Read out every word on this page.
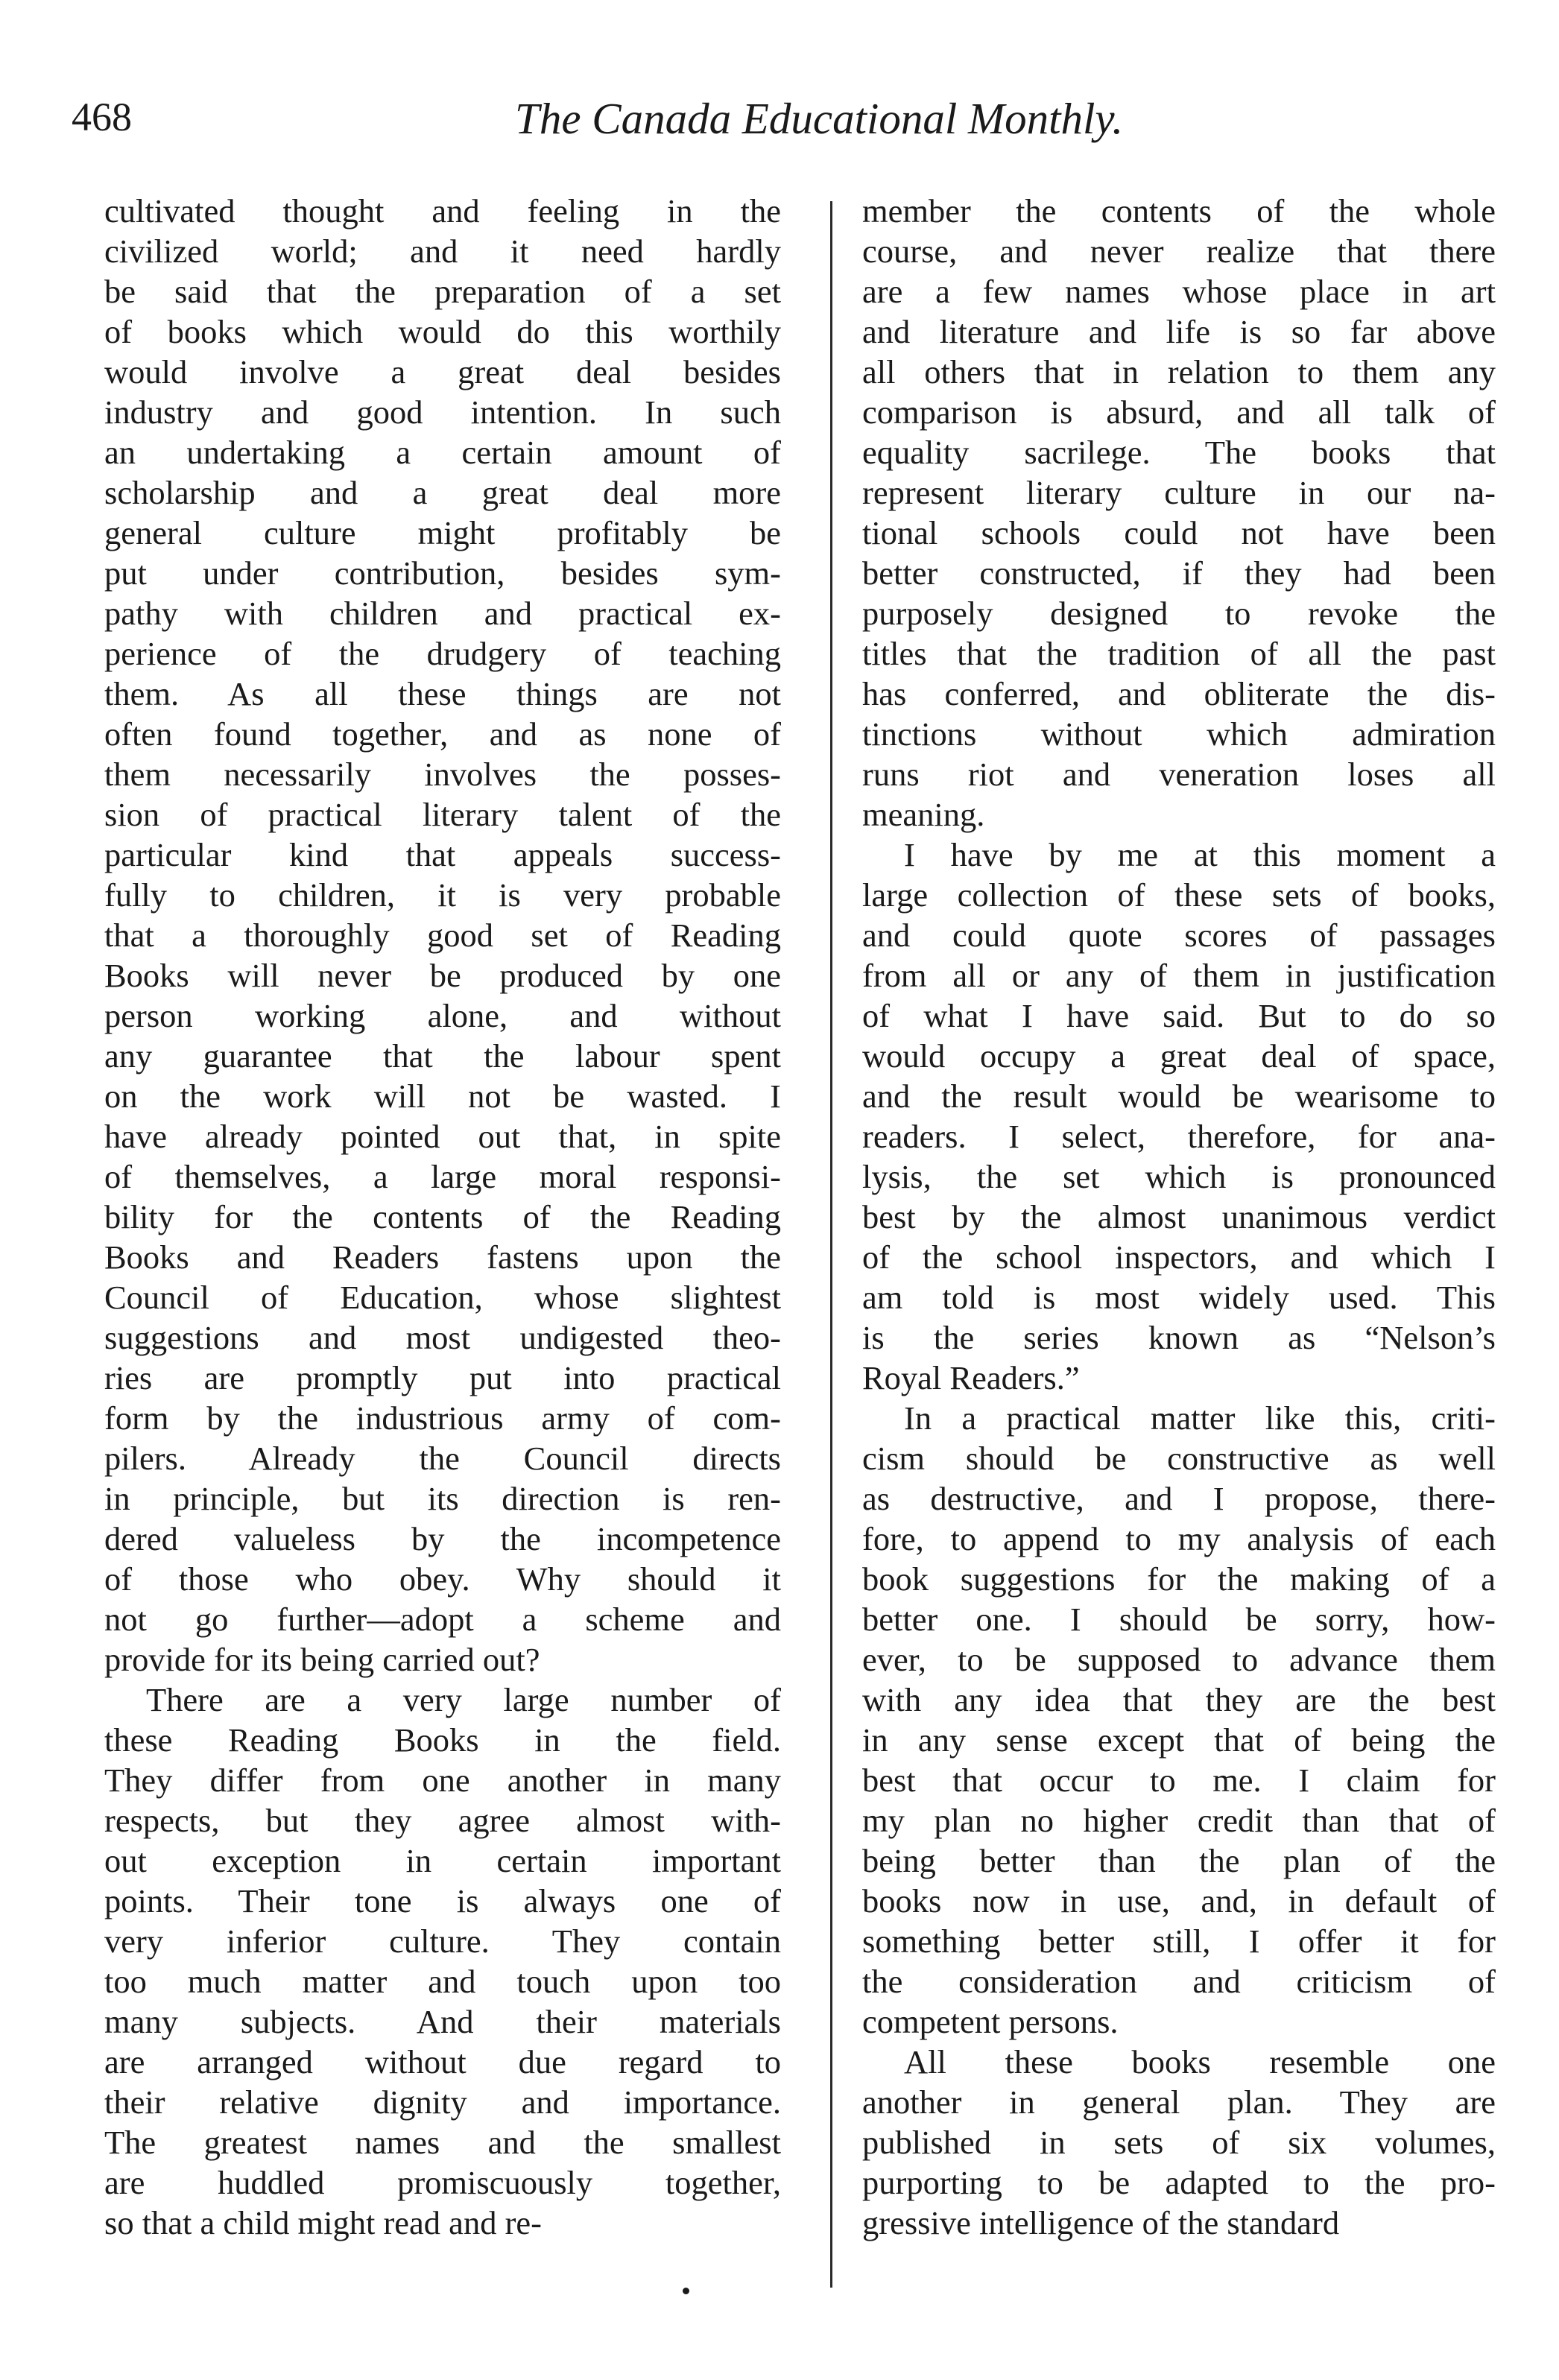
468	The Canada Educational Monthly.
cultivated thought and feeling in the
civilized world; and it need hardly
be said that the preparation of a set
of books which would do this worthily
would involve a great deal besides
industry and good intention. In such
an undertaking a certain amount of
scholarship and a great deal more
general culture might profitably be
put under contribution, besides sym-
pathy with children and practical ex-
perience of the drudgery of teaching
them. As all these things are not
often found together, and as none of
them necessarily involves the posses-
sion of practical literary talent of the
particular kind that appeals success-
fully to children, it is very probable
that a thoroughly good set of Reading
Books will never be produced by one
person working alone, and without
any guarantee that the labour spent
on the work will not be wasted. I
have already pointed out that, in spite
of themselves, a large moral responsi-
bility for the contents of the Reading
Books and Readers fastens upon the
Council of Education, whose slightest
suggestions and most undigested theo-
ries are promptly put into practical
form by the industrious army of com-
pilers. Already the Council directs
in principle, but its direction is ren-
dered valueless by the incompetence
of those who obey. Why should it
not go further—adopt a scheme and
provide for its being carried out?
There are a very large number of
these Reading Books in the field.
They differ from one another in many
respects, but they agree almost with-
out exception in certain important
points. Their tone is always one of
very inferior culture. They contain
too much matter and touch upon too
many subjects. And their materials
are arranged without due regard to
their relative dignity and importance.
The greatest names and the smallest
are huddled promiscuously together,
so that a child might read and re-
member the contents of the whole
course, and never realize that there
are a few names whose place in art
and literature and life is so far above
all others that in relation to them any
comparison is absurd, and all talk of
equality sacrilege. The books that
represent literary culture in our na-
tional schools could not have been
better constructed, if they had been
purposely designed to revoke the
titles that the tradition of all the past
has conferred, and obliterate the dis-
tinctions without which admiration
runs riot and veneration loses all
meaning.
I have by me at this moment a
large collection of these sets of books,
and could quote scores of passages
from all or any of them in justification
of what I have said. But to do so
would occupy a great deal of space,
and the result would be wearisome to
readers. I select, therefore, for ana-
lysis, the set which is pronounced
best by the almost unanimous verdict
of the school inspectors, and which I
am told is most widely used. This
is the series known as “Nelson’s
Royal Readers.”
In a practical matter like this, criti-
cism should be constructive as well
as destructive, and I propose, there-
fore, to append to my analysis of each
book suggestions for the making of a
better one. I should be sorry, how-
ever, to be supposed to advance them
with any idea that they are the best
in any sense except that of being the
best that occur to me. I claim for
my plan no higher credit than that of
being better than the plan of the
books now in use, and, in default of
something better still, I offer it for
the consideration and criticism of
competent persons.
All these books resemble one
another in general plan. They are
published in sets of six volumes,
purporting to be adapted to the pro-
gressive intelligence of the standard
